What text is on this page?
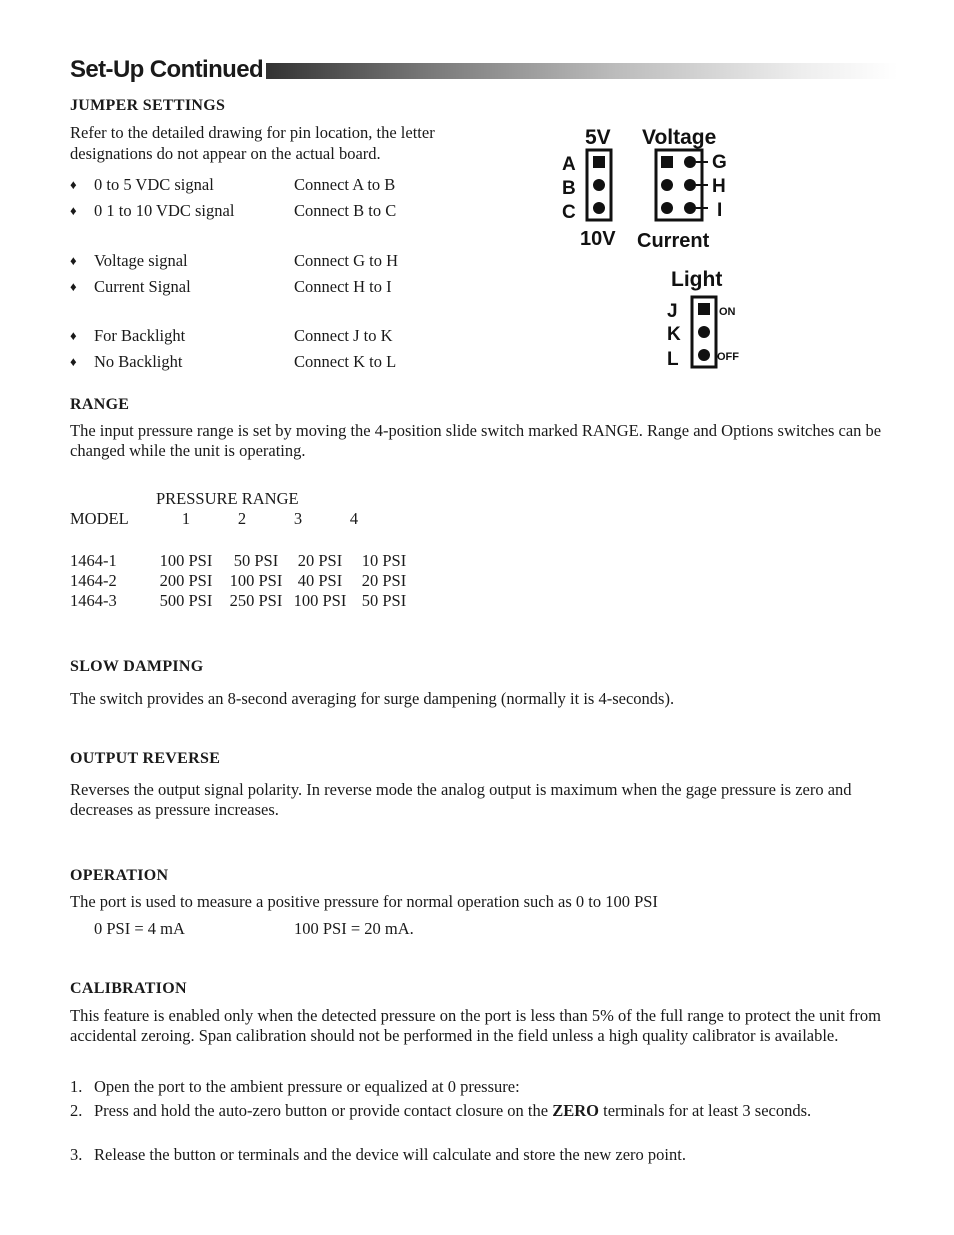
Set-Up Continued
JUMPER SETTINGS
Refer to the detailed drawing for pin location, the letter designations do not appear on the actual board.
♦ 0 to 5 VDC signal	Connect A to B
♦ 0 1 to 10 VDC signal	Connect B to C
♦ Voltage signal	Connect G to H
♦ Current Signal	Connect H to I
♦ For Backlight	Connect J to K
♦ No Backlight	Connect K to L
5V Voltage
A
B
C
G
H
I
10V Current
Light
J
K
L
ON
OFF
RANGE
The input pressure range is set by moving the 4-position slide switch marked RANGE. Range and Options switches can be changed while the unit is operating.
PRESSURE RANGE
MODEL	1	2	3	4
1464-1	100 PSI	50 PSI	20 PSI	10 PSI
1464-2	200 PSI	100 PSI 40 PSI	20 PSI
1464-3	500 PSI	250 PSI 100 PSI 50 PSI
SLOW DAMPING
The switch provides an 8-second averaging for surge dampening (normally it is 4-seconds).
OUTPUT REVERSE
Reverses the output signal polarity. In reverse mode the analog output is maximum when the gage pressure is zero and decreases as pressure increases.
OPERATION
The port is used to measure a positive pressure for normal operation such as 0 to 100 PSI
0 PSI = 4 mA	100 PSI = 20 mA.
CALIBRATION
This feature is enabled only when the detected pressure on the port is less than 5% of the full range to protect the unit from accidental zeroing. Span calibration should not be performed in the field unless a high quality calibrator is available.
1. Open the port to the ambient pressure or equalized at 0 pressure:
2. Press and hold the auto-zero button or provide contact closure on the ZERO terminals for at least 3 seconds.
3. Release the button or terminals and the device will calculate and store the new zero point.
